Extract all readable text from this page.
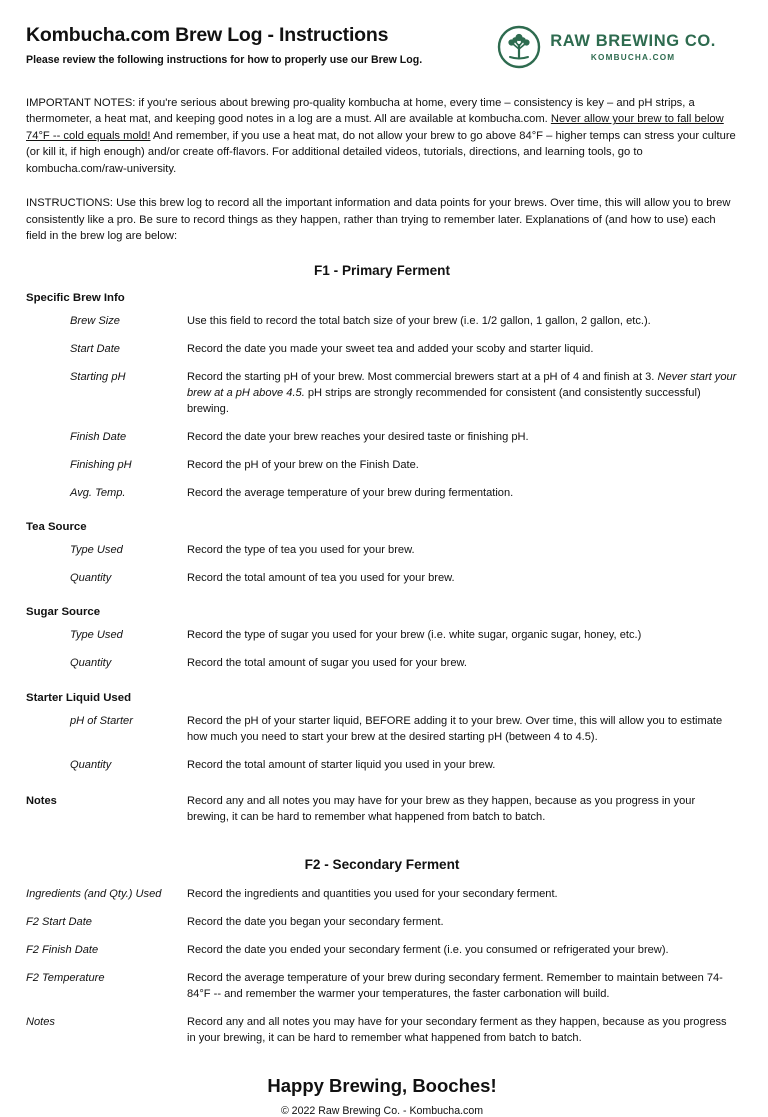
Kombucha.com Brew Log - Instructions

Please review the following instructions for how to properly use our Brew Log.

RAW BREWING CO.
KOMBUCHA.COM

IMPORTANT NOTES: if you're serious about brewing pro-quality kombucha at home, every time – consistency is key – and pH strips, a thermometer, a heat mat, and keeping good notes in a log are a must. All are available at kombucha.com. Never allow your brew to fall below 74°F -- cold equals mold! And remember, if you use a heat mat, do not allow your brew to go above 84°F – higher temps can stress your culture (or kill it, if high enough) and/or create off-flavors. For additional detailed videos, tutorials, directions, and learning tools, go to kombucha.com/raw-university.

INSTRUCTIONS: Use this brew log to record all the important information and data points for your brews. Over time, this will allow you to brew consistently like a pro. Be sure to record things as they happen, rather than trying to remember later. Explanations of (and how to use) each field in the brew log are below:

F1 - Primary Ferment
Specific Brew Info
Brew Size	Use this field to record the total batch size of your brew (i.e. 1/2 gallon, 1 gallon, 2 gallon, etc.).
Start Date	Record the date you made your sweet tea and added your scoby and starter liquid.
Starting pH	Record the starting pH of your brew. Most commercial brewers start at a pH of 4 and finish at 3. Never start your brew at a pH above 4.5. pH strips are strongly recommended for consistent (and consistently successful) brewing.
Finish Date	Record the date your brew reaches your desired taste or finishing pH.
Finishing pH	Record the pH of your brew on the Finish Date.
Avg. Temp.	Record the average temperature of your brew during fermentation.
Tea Source
Type Used	Record the type of tea you used for your brew.
Quantity	Record the total amount of tea you used for your brew.
Sugar Source
Type Used	Record the type of sugar you used for your brew (i.e. white sugar, organic sugar, honey, etc.)
Quantity	Record the total amount of sugar you used for your brew.
Starter Liquid Used
pH of Starter	Record the pH of your starter liquid, BEFORE adding it to your brew. Over time, this will allow you to estimate how much you need to start your brew at the desired starting pH (between 4 to 4.5).
Quantity	Record the total amount of starter liquid you used in your brew.
Notes	Record any and all notes you may have for your brew as they happen, because as you progress in your brewing, it can be hard to remember what happened from batch to batch.
F2 - Secondary Ferment
Ingredients (and Qty.) Used	Record the ingredients and quantities you used for your secondary ferment.
F2 Start Date	Record the date you began your secondary ferment.
F2 Finish Date	Record the date you ended your secondary ferment (i.e. you consumed or refrigerated your brew).
F2 Temperature	Record the average temperature of your brew during secondary ferment. Remember to maintain between 74-84°F -- and remember the warmer your temperatures, the faster carbonation will build.
Notes	Record any and all notes you may have for your secondary ferment as they happen, because as you progress in your brewing, it can be hard to remember what happened from batch to batch.
Happy Brewing, Booches!
© 2022 Raw Brewing Co. - Kombucha.com
